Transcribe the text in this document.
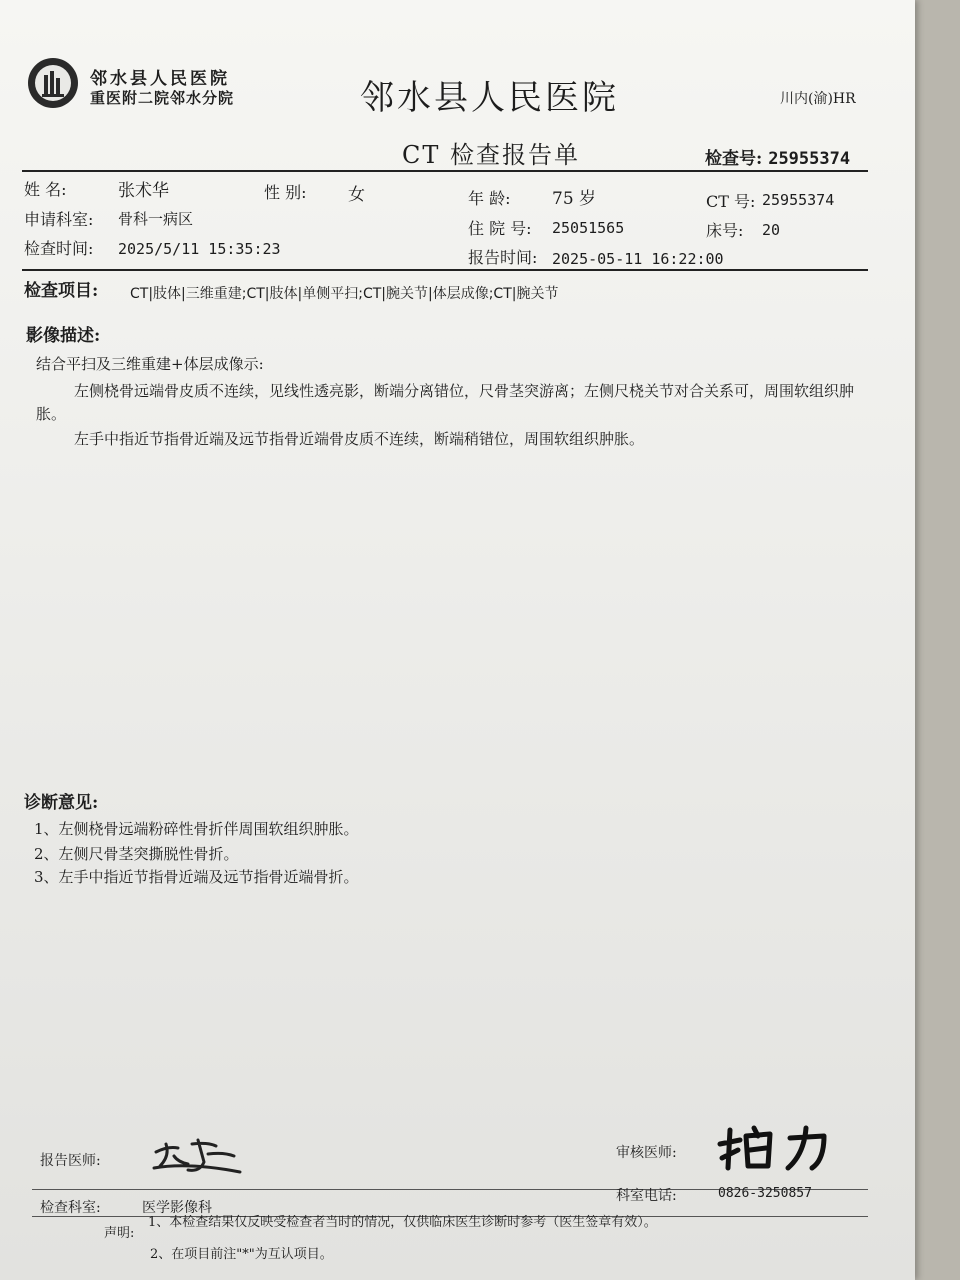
邻水县人民医院
重医附二院邻水分院	邻水县人民医院	川内(渝)HR
CT 检查报告单	检查号: 25955374
姓 名:	张术华	性 别: 女	年 龄: 75 岁	CT 号: 25955374
申请科室: 骨科一病区	住 院 号: 25051565	床号: 20
检查时间: 2025/5/11 15:35:23	报告时间: 2025-05-11 16:22:00
检查项目: CT|肢体|三维重建;CT|肢体|单侧平扫;CT|腕关节|体层成像;CT|腕关节
影像描述:
结合平扫及三维重建+体层成像示:
左侧桡骨远端骨皮质不连续，见线性透亮影，断端分离错位，尺骨茎突游离；左侧尺桡关节对合关系可，周围软组织肿胀。
左手中指近节指骨近端及远节指骨近端骨皮质不连续，断端稍错位，周围软组织肿胀。
诊断意见:
1、左侧桡骨远端粉碎性骨折伴周围软组织肿胀。
2、左侧尺骨茎突撕脱性骨折。
3、左手中指近节指骨近端及远节指骨近端骨折。
报告医师:	审核医师:
检查科室:	医学影像科
科室电话:	0826-3250857
声明:
1、本检查结果仅反映受检查者当时的情况，仅供临床医生诊断时参考（医生签章有效）。
2、在项目前注"*"为互认项目。
